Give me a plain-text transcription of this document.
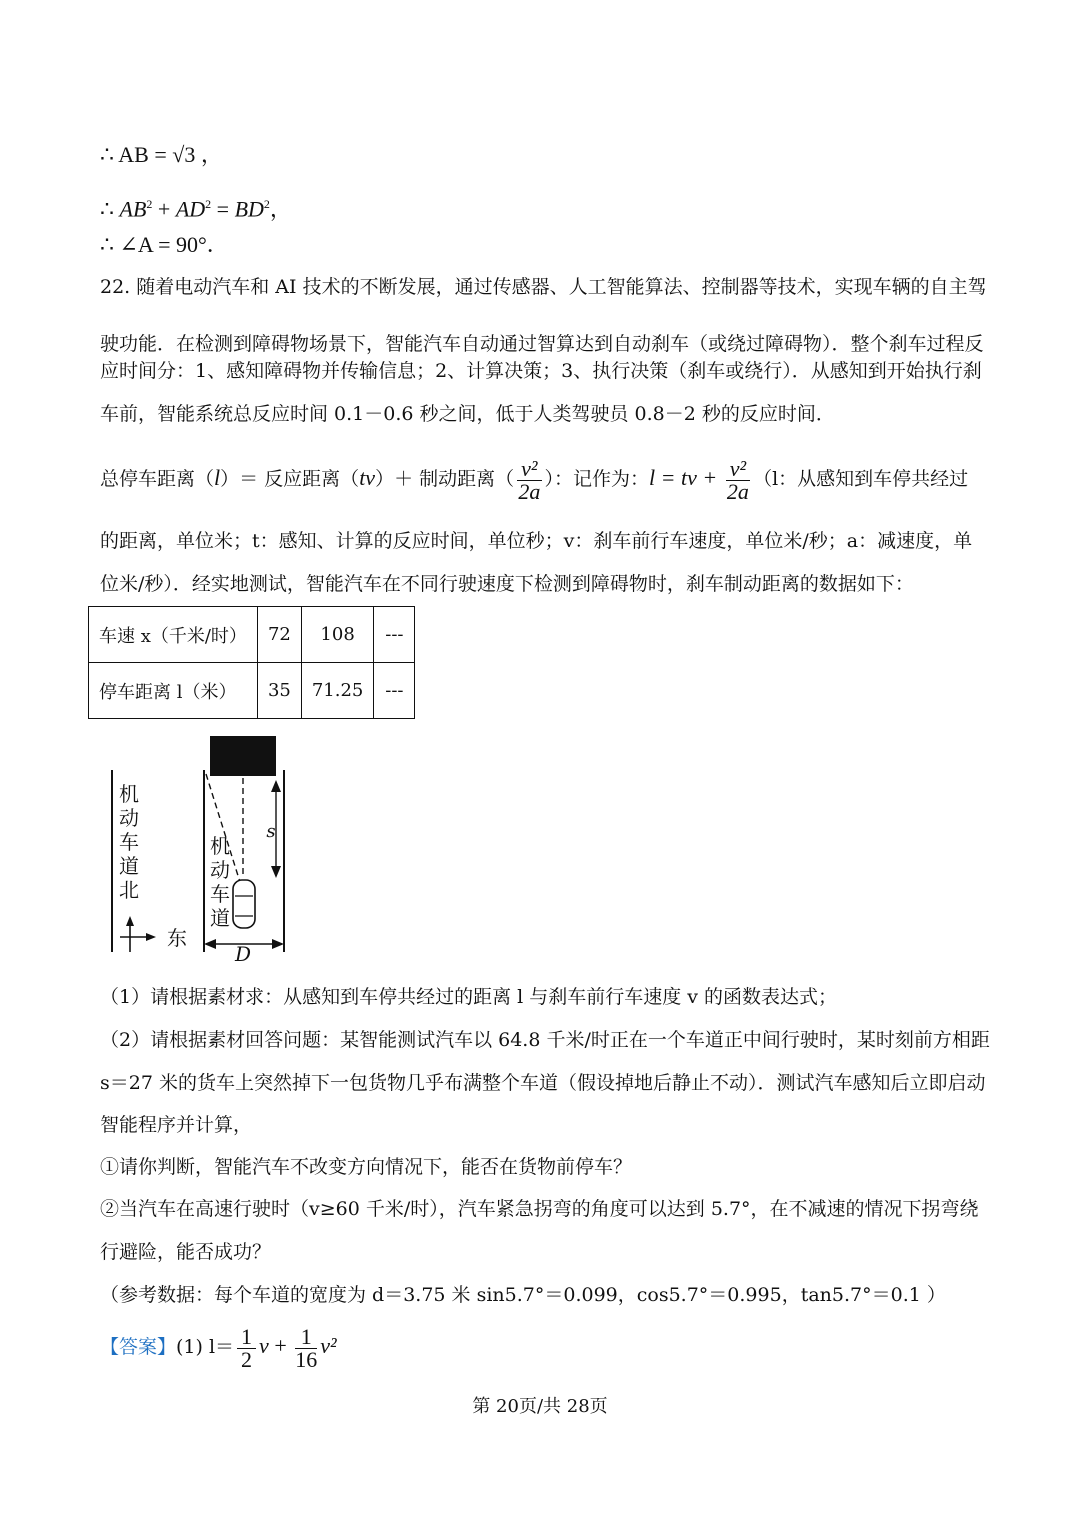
∴ AB = √3 ，
∴ $AB^2 + AD^2 = BD^2$，
∴ ∠A = 90°．
22. 随着电动汽车和 AI 技术的不断发展，通过传感器、人工智能算法、控制器等技术，实现车辆的自主驾
驶功能．在检测到障碍物场景下，智能汽车自动通过智算达到自动刹车（或绕过障碍物）．整个刹车过程反
应时间分：1、感知障碍物并传输信息；2、计算决策；3、执行决策（刹车或绕行）．从感知到开始执行刹
车前，智能系统总反应时间 0.1－0.6 秒之间，低于人类驾驶员 0.8－2 秒的反应时间．
总停车距离（l）＝ 反应距离（tv）＋ 制动距离（ $\frac{\text{v²}}{2a}$ ）：记作为：l = tv + $\frac{\text{v²}}{2a} (l$：从感知到车停共经过
的距离，单位米；t：感知、计算的反应时间，单位秒；v：刹车前行车速度，单位米/秒；a：减速度，单
位米/秒）．经实地测试，智能汽车在不同行驶速度下检测到障碍物时，刹车制动距离的数据如下：
车速 x（千米/时）	72	108	---
停车距离 l（米）	35	71.25	---
机
动
车
道
北
东
机
动
车
道
s
D
（1）请根据素材求：从感知到车停共经过的距离 l 与刹车前行车速度 v 的函数表达式；
（2）请根据素材回答问题：某智能测试汽车以 64.8 千米/时正在一个车道正中间行驶时，某时刻前方相距
s＝27 米的货车上突然掉下一包货物几乎布满整个车道（假设掉地后静止不动）．测试汽车感知后立即启动
智能程序并计算，
①请你判断，智能汽车不改变方向情况下，能否在货物前停车？
②当汽车在高速行驶时（v≥60 千米/时），汽车紧急拐弯的角度可以达到 5.7°，在不减速的情况下拐弯绕
行避险，能否成功？
（参考数据：每个车道的宽度为 d＝3.75 米 sin5.7°＝0.099，cos5.7°＝0.995，tan5.7°＝0.1 ）
【答案】(1) $l= \frac{1}{2}$ $v + \frac{1}{16} v^2$
第 20页/共 28页
